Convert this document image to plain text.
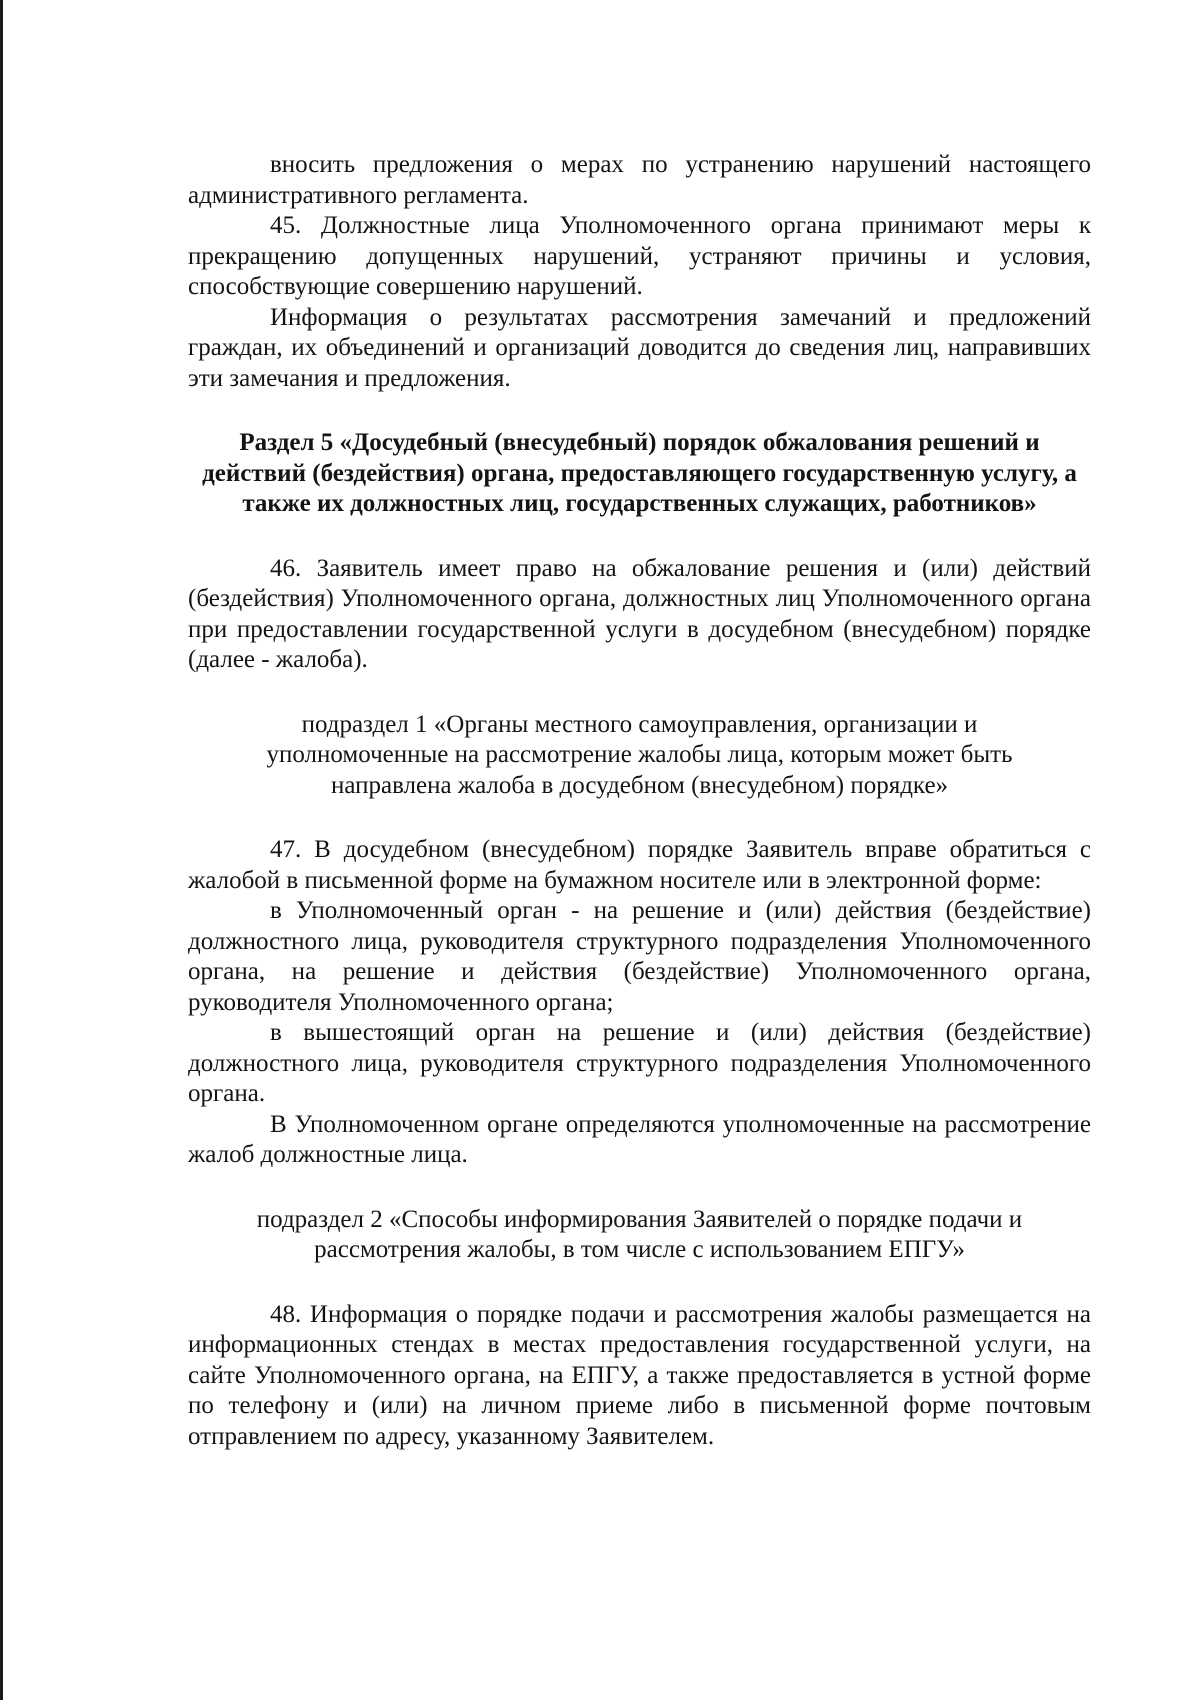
вносить предложения о мерах по устранению нарушений настоящего административного регламента.

45. Должностные лица Уполномоченного органа принимают меры к прекращению допущенных нарушений, устраняют причины и условия, способствующие совершению нарушений.

Информация о результатах рассмотрения замечаний и предложений граждан, их объединений и организаций доводится до сведения лиц, направивших эти замечания и предложения.

Раздел 5 «Досудебный (внесудебный) порядок обжалования решений и действий (бездействия) органа, предоставляющего государственную услугу, а также их должностных лиц, государственных служащих, работников»

46. Заявитель имеет право на обжалование решения и (или) действий (бездействия) Уполномоченного органа, должностных лиц Уполномоченного органа при предоставлении государственной услуги в досудебном (внесудебном) порядке (далее - жалоба).

подраздел 1 «Органы местного самоуправления, организации и уполномоченные на рассмотрение жалобы лица, которым может быть направлена жалоба в досудебном (внесудебном) порядке»

47. В досудебном (внесудебном) порядке Заявитель вправе обратиться с жалобой в письменной форме на бумажном носителе или в электронной форме:

в Уполномоченный орган - на решение и (или) действия (бездействие) должностного лица, руководителя структурного подразделения Уполномоченного органа, на решение и действия (бездействие) Уполномоченного органа, руководителя Уполномоченного органа;

в вышестоящий орган на решение и (или) действия (бездействие) должностного лица, руководителя структурного подразделения Уполномоченного органа.

В Уполномоченном органе определяются уполномоченные на рассмотрение жалоб должностные лица.

подраздел 2 «Способы информирования Заявителей о порядке подачи и рассмотрения жалобы, в том числе с использованием ЕПГУ»

48. Информация о порядке подачи и рассмотрения жалобы размещается на информационных стендах в местах предоставления государственной услуги, на сайте Уполномоченного органа, на ЕПГУ, а также предоставляется в устной форме по телефону и (или) на личном приеме либо в письменной форме почтовым отправлением по адресу, указанному Заявителем.
